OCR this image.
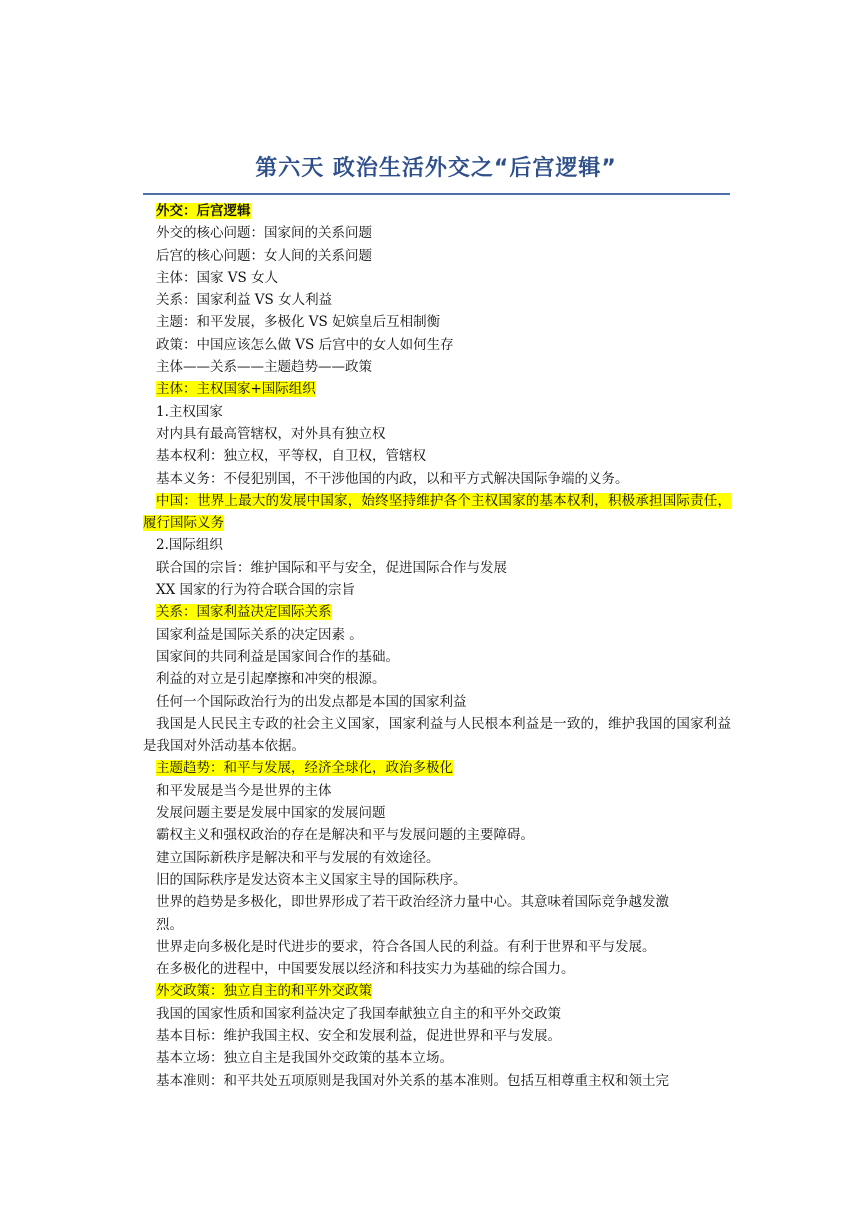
第六天 政治生活外交之“后宫逻辑”
外交：后宫逻辑
外交的核心问题：国家间的关系问题
后宫的核心问题：女人间的关系问题
主体：国家 VS 女人
关系：国家利益 VS 女人利益
主题：和平发展，多极化 VS 妃嫔皇后互相制衡
政策：中国应该怎么做 VS 后宫中的女人如何生存
主体——关系——主题趋势——政策
主体：主权国家+国际组织
1.主权国家
对内具有最高管辖权，对外具有独立权
基本权利：独立权，平等权，自卫权，管辖权
基本义务：不侵犯别国，不干涉他国的内政，以和平方式解决国际争端的义务。
中国：世界上最大的发展中国家，始终坚持维护各个主权国家的基本权利，积极承担国际责任，履行国际义务
2.国际组织
联合国的宗旨：维护国际和平与安全，促进国际合作与发展
XX 国家的行为符合联合国的宗旨
关系：国家利益决定国际关系
国家利益是国际关系的决定因素 。
国家间的共同利益是国家间合作的基础。
利益的对立是引起摩擦和冲突的根源。
任何一个国际政治行为的出发点都是本国的国家利益
我国是人民民主专政的社会主义国家，国家利益与人民根本利益是一致的，维护我国的国家利益是我国对外活动基本依据。
主题趋势：和平与发展，经济全球化，政治多极化
和平发展是当今是世界的主体
发展问题主要是发展中国家的发展问题
霸权主义和强权政治的存在是解决和平与发展问题的主要障碍。
建立国际新秩序是解决和平与发展的有效途径。
旧的国际秩序是发达资本主义国家主导的国际秩序。
世界的趋势是多极化，即世界形成了若干政治经济力量中心。其意味着国际竞争越发激
烈。
世界走向多极化是时代进步的要求，符合各国人民的利益。有利于世界和平与发展。
在多极化的进程中，中国要发展以经济和科技实力为基础的综合国力。
外交政策：独立自主的和平外交政策
我国的国家性质和国家利益决定了我国奉献独立自主的和平外交政策
基本目标：维护我国主权、安全和发展利益，促进世界和平与发展。
基本立场：独立自主是我国外交政策的基本立场。
基本准则：和平共处五项原则是我国对外关系的基本准则。包括互相尊重主权和领土完
